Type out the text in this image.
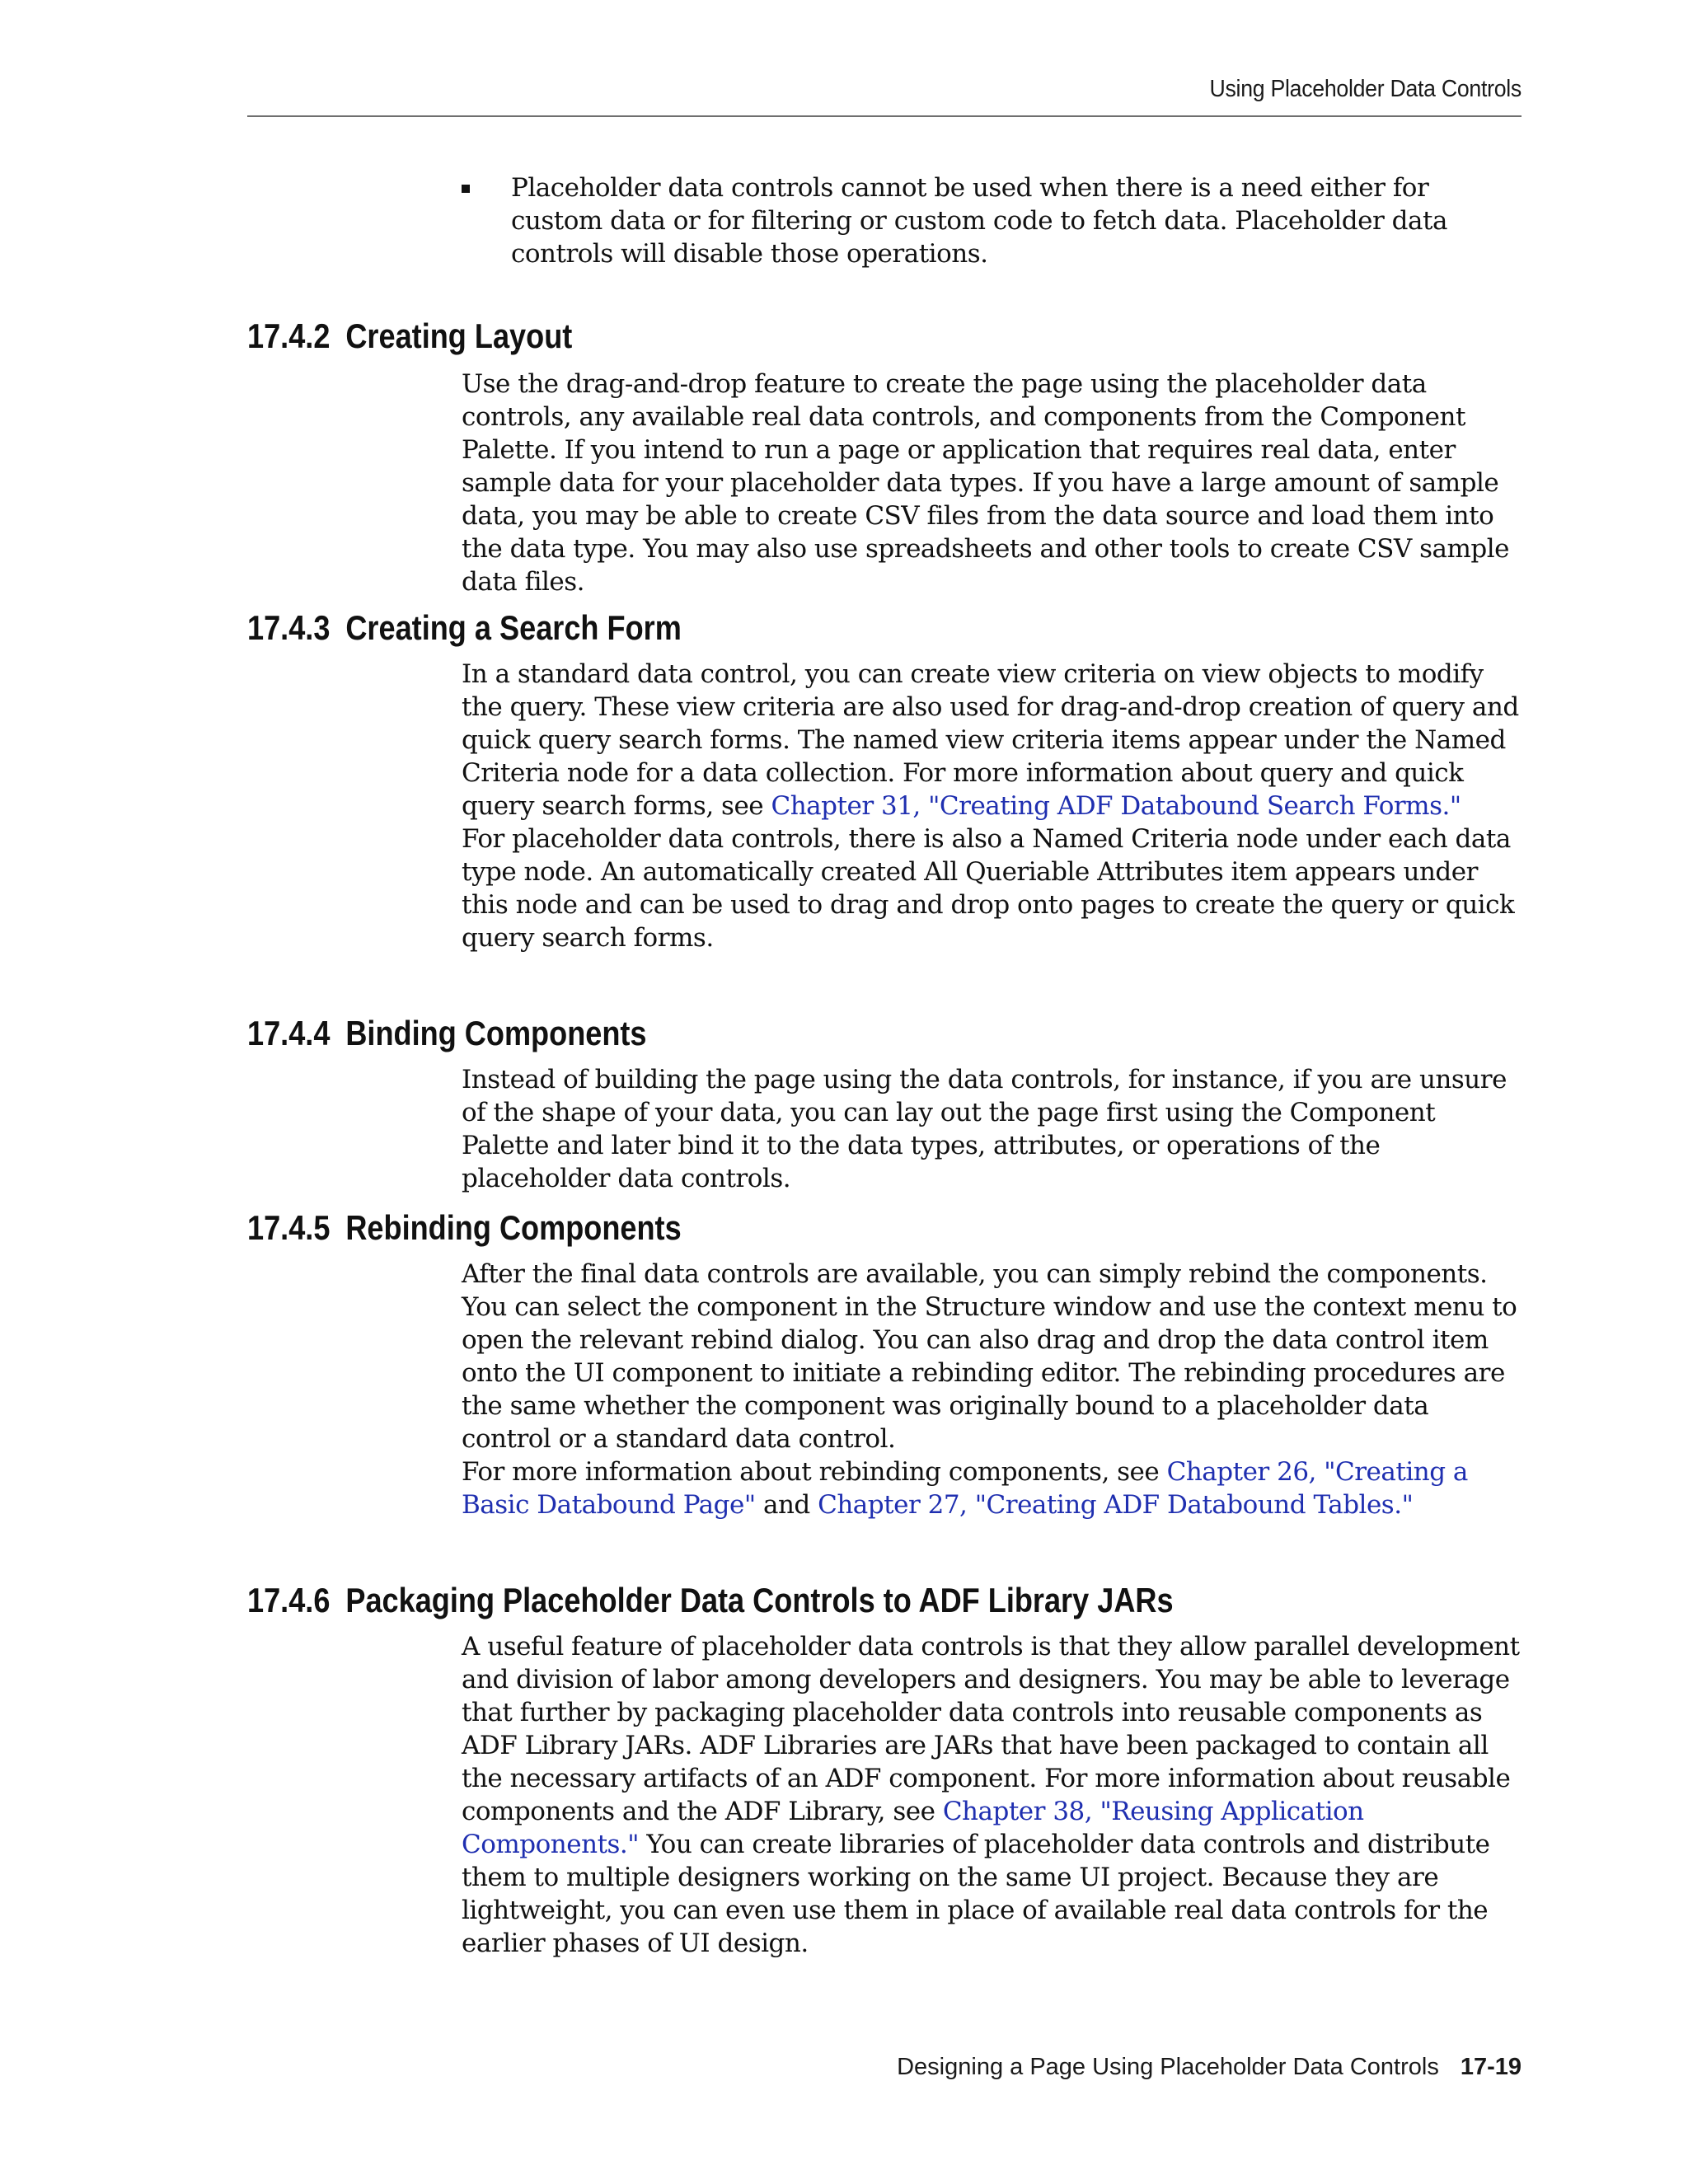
Using Placeholder Data Controls

Placeholder data controls cannot be used when there is a need either for custom data or for filtering or custom code to fetch data. Placeholder data controls will disable those operations.

17.4.2 Creating Layout

Use the drag-and-drop feature to create the page using the placeholder data controls, any available real data controls, and components from the Component Palette. If you intend to run a page or application that requires real data, enter sample data for your placeholder data types. If you have a large amount of sample data, you may be able to create CSV files from the data source and load them into the data type. You may also use spreadsheets and other tools to create CSV sample data files.

17.4.3 Creating a Search Form

In a standard data control, you can create view criteria on view objects to modify the query. These view criteria are also used for drag-and-drop creation of query and quick query search forms. The named view criteria items appear under the Named Criteria node for a data collection. For more information about query and quick query search forms, see Chapter 31, "Creating ADF Databound Search Forms."

For placeholder data controls, there is also a Named Criteria node under each data type node. An automatically created All Queriable Attributes item appears under this node and can be used to drag and drop onto pages to create the query or quick query search forms.

17.4.4 Binding Components

Instead of building the page using the data controls, for instance, if you are unsure of the shape of your data, you can lay out the page first using the Component Palette and later bind it to the data types, attributes, or operations of the placeholder data controls.

17.4.5 Rebinding Components

After the final data controls are available, you can simply rebind the components. You can select the component in the Structure window and use the context menu to open the relevant rebind dialog. You can also drag and drop the data control item onto the UI component to initiate a rebinding editor. The rebinding procedures are the same whether the component was originally bound to a placeholder data control or a standard data control.

For more information about rebinding components, see Chapter 26, "Creating a Basic Databound Page" and Chapter 27, "Creating ADF Databound Tables."

17.4.6 Packaging Placeholder Data Controls to ADF Library JARs

A useful feature of placeholder data controls is that they allow parallel development and division of labor among developers and designers. You may be able to leverage that further by packaging placeholder data controls into reusable components as ADF Library JARs. ADF Libraries are JARs that have been packaged to contain all the necessary artifacts of an ADF component. For more information about reusable components and the ADF Library, see Chapter 38, "Reusing Application Components." You can create libraries of placeholder data controls and distribute them to multiple designers working on the same UI project. Because they are lightweight, you can even use them in place of available real data controls for the earlier phases of UI design.

Designing a Page Using Placeholder Data Controls 17-19
